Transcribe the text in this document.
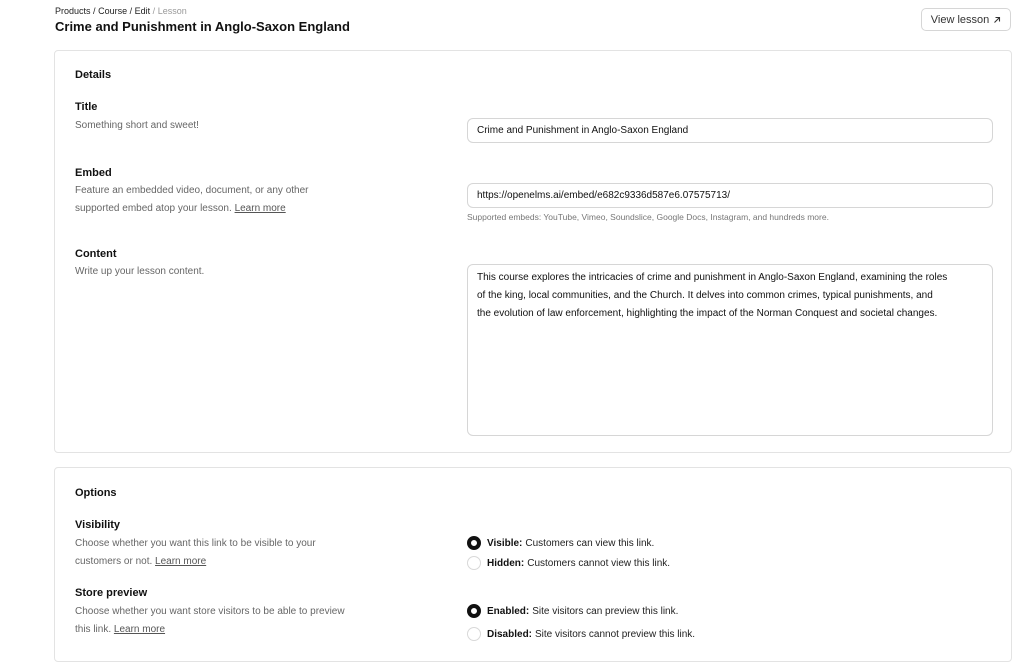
Products / Course / Edit / Lesson
Crime and Punishment in Anglo-Saxon England	View lesson
Details
Title
Something short and sweet!	Crime and Punishment in Anglo-Saxon England
Embed
Feature an embedded video, document, or any other
supported embed atop your lesson. Learn more
https://openelms.ai/embed/e682c9336d587e6.07575713/
Supported embeds: YouTube, Vimeo, Soundslice, Google Docs, Instagram, and hundreds more.
Content
Write up your lesson content.
This course explores the intricacies of crime and punishment in Anglo-Saxon England, examining the roles
of the king, local communities, and the Church. It delves into common crimes, typical punishments, and
the evolution of law enforcement, highlighting the impact of the Norman Conquest and societal changes.
Options
Visibility
Choose whether you want this link to be visible to your
customers or not. Learn more
Visible: Customers can view this link.
Hidden: Customers cannot view this link.
Store preview
Choose whether you want store visitors to be able to preview
this link. Learn more
Enabled: Site visitors can preview this link.
Disabled: Site visitors cannot preview this link.
